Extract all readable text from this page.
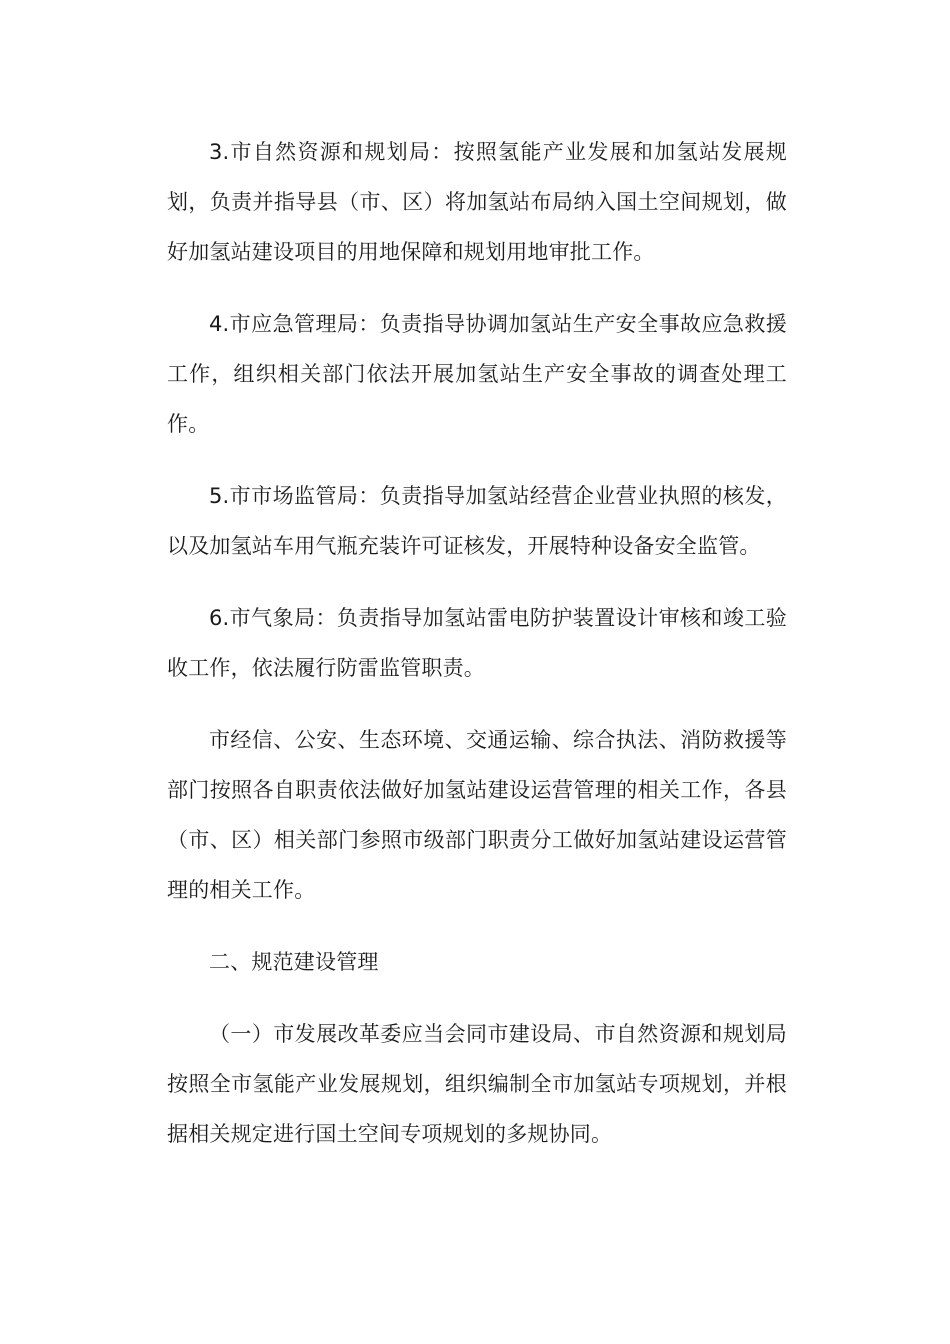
3.市自然资源和规划局：按照氢能产业发展和加氢站发展规划，负责并指导县（市、区）将加氢站布局纳入国土空间规划，做好加氢站建设项目的用地保障和规划用地审批工作。

4.市应急管理局：负责指导协调加氢站生产安全事故应急救援工作，组织相关部门依法开展加氢站生产安全事故的调查处理工作。

5.市市场监管局：负责指导加氢站经营企业营业执照的核发，以及加氢站车用气瓶充装许可证核发，开展特种设备安全监管。

6.市气象局：负责指导加氢站雷电防护装置设计审核和竣工验收工作，依法履行防雷监管职责。

市经信、公安、生态环境、交通运输、综合执法、消防救援等部门按照各自职责依法做好加氢站建设运营管理的相关工作，各县（市、区）相关部门参照市级部门职责分工做好加氢站建设运营管理的相关工作。

二、规范建设管理

（一）市发展改革委应当会同市建设局、市自然资源和规划局按照全市氢能产业发展规划，组织编制全市加氢站专项规划，并根据相关规定进行国土空间专项规划的多规协同。
